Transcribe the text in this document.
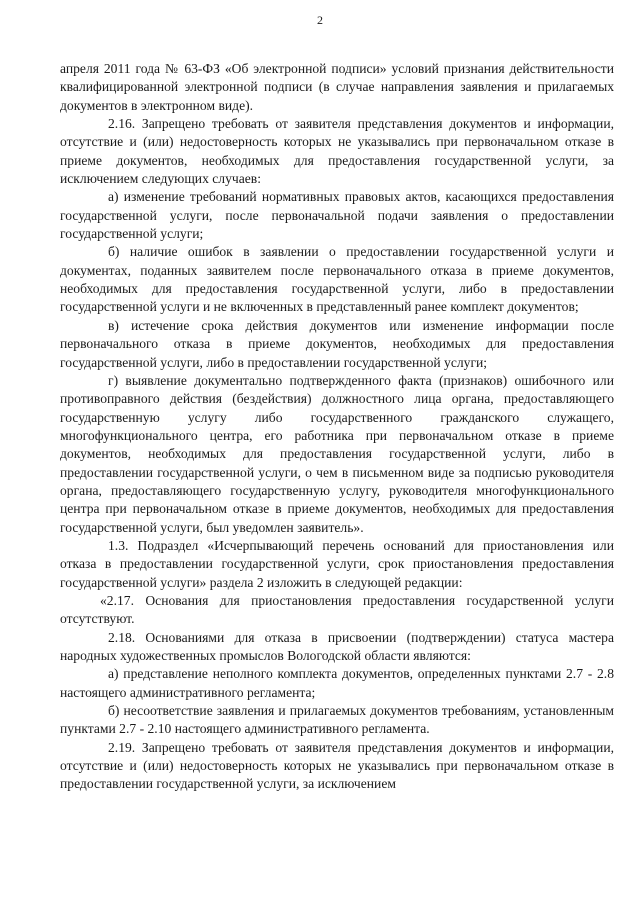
2

апреля 2011 года № 63-ФЗ «Об электронной подписи» условий признания действительности квалифицированной электронной подписи (в случае направления заявления и прилагаемых документов в электронном виде).

2.16. Запрещено требовать от заявителя представления документов и информации, отсутствие и (или) недостоверность которых не указывались при первоначальном отказе в приеме документов, необходимых для предоставления государственной услуги, за исключением следующих случаев:

а) изменение требований нормативных правовых актов, касающихся предоставления государственной услуги, после первоначальной подачи заявления о предоставлении государственной услуги;

б) наличие ошибок в заявлении о предоставлении государственной услуги и документах, поданных заявителем после первоначального отказа в приеме документов, необходимых для предоставления государственной услуги, либо в предоставлении государственной услуги и не включенных в представленный ранее комплект документов;

в) истечение срока действия документов или изменение информации после первоначального отказа в приеме документов, необходимых для предоставления государственной услуги, либо в предоставлении государственной услуги;

г) выявление документально подтвержденного факта (признаков) ошибочного или противоправного действия (бездействия) должностного лица органа, предоставляющего государственную услугу либо государственного гражданского служащего, многофункционального центра, его работника при первоначальном отказе в приеме документов, необходимых для предоставления государственной услуги, либо в предоставлении государственной услуги, о чем в письменном виде за подписью руководителя органа, предоставляющего государственную услугу, руководителя многофункционального центра при первоначальном отказе в приеме документов, необходимых для предоставления государственной услуги, был уведомлен заявитель».

1.3. Подраздел «Исчерпывающий перечень оснований для приостановления или отказа в предоставлении государственной услуги, срок приостановления предоставления государственной услуги» раздела 2 изложить в следующей редакции:

«2.17. Основания для приостановления предоставления государственной услуги отсутствуют.

2.18. Основаниями для отказа в присвоении (подтверждении) статуса мастера народных художественных промыслов Вологодской области являются:

а) представление неполного комплекта документов, определенных пунктами 2.7 - 2.8 настоящего административного регламента;

б) несоответствие заявления и прилагаемых документов требованиям, установленным пунктами 2.7 - 2.10 настоящего административного регламента.

2.19. Запрещено требовать от заявителя представления документов и информации, отсутствие и (или) недостоверность которых не указывались при первоначальном отказе в предоставлении государственной услуги, за исключением
